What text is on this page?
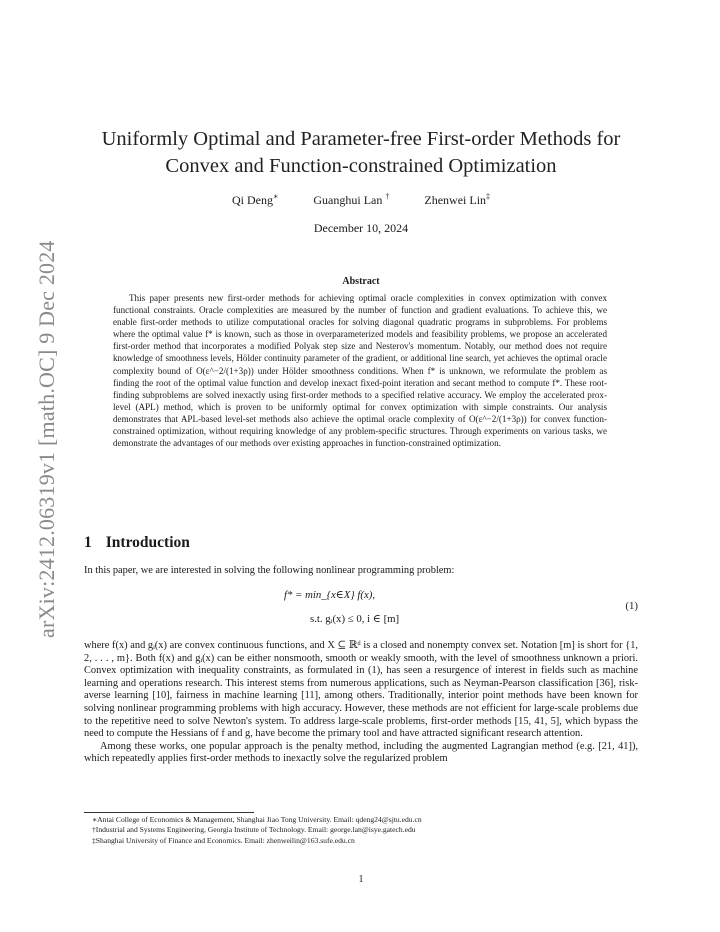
arXiv:2412.06319v1 [math.OC] 9 Dec 2024
Uniformly Optimal and Parameter-free First-order Methods for
Convex and Function-constrained Optimization
Qi Deng∗	Guanghui Lan †	Zhenwei Lin‡
December 10, 2024
Abstract
This paper presents new first-order methods for achieving optimal oracle complexities in convex optimization with convex functional constraints. Oracle complexities are measured by the number of function and gradient evaluations. To achieve this, we enable first-order methods to utilize computational oracles for solving diagonal quadratic programs in subproblems. For problems where the optimal value f* is known, such as those in overparameterized models and feasibility problems, we propose an accelerated first-order method that incorporates a modified Polyak step size and Nesterov's momentum. Notably, our method does not require knowledge of smoothness levels, Hölder continuity parameter of the gradient, or additional line search, yet achieves the optimal oracle complexity bound of O(ε^−2/(1+3ρ)) under Hölder smoothness conditions. When f* is unknown, we reformulate the problem as finding the root of the optimal value function and develop inexact fixed-point iteration and secant method to compute f*. These root-finding subproblems are solved inexactly using first-order methods to a specified relative accuracy. We employ the accelerated prox-level (APL) method, which is proven to be uniformly optimal for convex optimization with simple constraints. Our analysis demonstrates that APL-based level-set methods also achieve the optimal oracle complexity of O(ε^−2/(1+3ρ)) for convex function-constrained optimization, without requiring knowledge of any problem-specific structures. Through experiments on various tasks, we demonstrate the advantages of our methods over existing approaches in function-constrained optimization.
1 Introduction
In this paper, we are interested in solving the following nonlinear programming problem:
f* = min_{x∈X} f(x),
s.t. gᵢ(x) ≤ 0, i ∈ [m]
(1)

where f(x) and gᵢ(x) are convex continuous functions, and X ⊆ ℝᵈ is a closed and nonempty convex set. Notation [m] is short for {1, 2, . . . , m}. Both f(x) and gᵢ(x) can be either nonsmooth, smooth or weakly smooth, with the level of smoothness unknown a priori. Convex optimization with inequality constraints, as formulated in (1), has seen a resurgence of interest in fields such as machine learning and operations research. This interest stems from numerous applications, such as Neyman-Pearson classification [36], risk-averse learning [10], fairness in machine learning [11], among others. Traditionally, interior point methods have been known for solving nonlinear programming problems with high accuracy. However, these methods are not efficient for large-scale problems due to the repetitive need to solve Newton's system. To address large-scale problems, first-order methods [15, 41, 5], which bypass the need to compute the Hessians of f and g, have become the primary tool and have attracted significant research attention.

Among these works, one popular approach is the penalty method, including the augmented Lagrangian method (e.g. [21, 41]), which repeatedly applies first-order methods to inexactly solve the regularized problem

∗Antai College of Economics & Management, Shanghai Jiao Tong University. Email: qdeng24@sjtu.edu.cn
†Industrial and Systems Engineering, Georgia Institute of Technology. Email: george.lan@isye.gatech.edu
‡Shanghai University of Finance and Economics. Email: zhenweilin@163.sufe.edu.cn
1
